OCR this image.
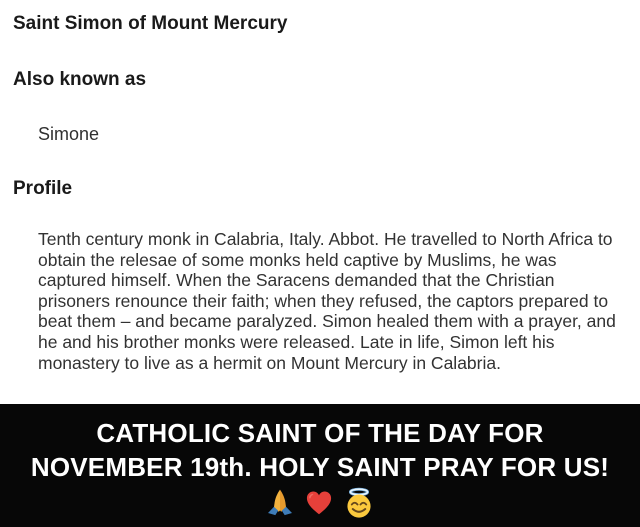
Saint Simon of Mount Mercury
Also known as
Simone
Profile

Tenth century monk in Calabria, Italy. Abbot. He travelled to North Africa to obtain the relesae of some monks held captive by Muslims, he was captured himself. When the Saracens demanded that the Christian prisoners renounce their faith; when they refused, the captors prepared to beat them – and became paralyzed. Simon healed them with a prayer, and he and his brother monks were released. Late in life, Simon left his monastery to live as a hermit on Mount Mercury in Calabria.

CATHOLIC SAINT OF THE DAY FOR
NOVEMBER 19th. HOLY SAINT PRAY FOR US!
